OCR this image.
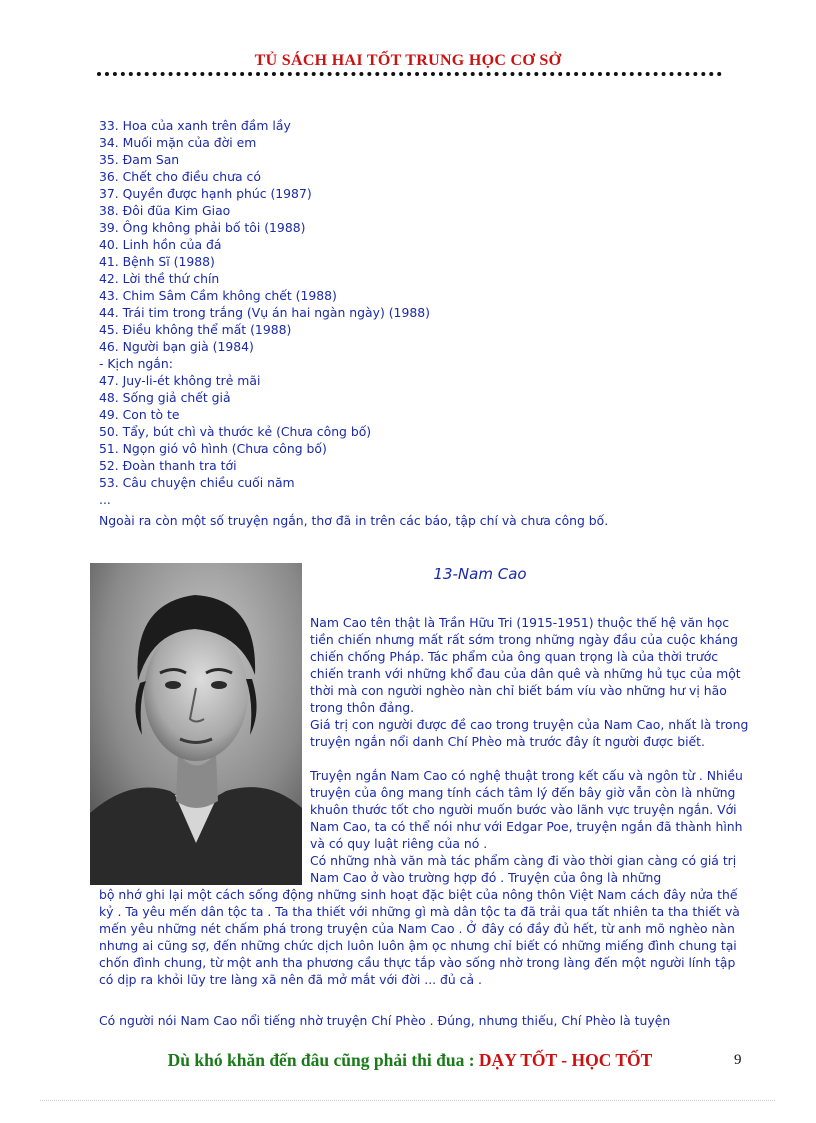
TỦ SÁCH HAI TỐT TRUNG HỌC CƠ SỞ
33. Hoa của xanh trên đầm lầy
34. Muối mặn của đời em
35. Đam San
36. Chết cho điều chưa có
37. Quyền được hạnh phúc (1987)
38. Đôi đũa Kim Giao
39. Ông không phải bố tôi (1988)
40. Linh hồn của đá
41. Bệnh Sĩ (1988)
42. Lời thề thứ chín
43. Chim Sâm Cầm không chết (1988)
44. Trái tim trong trắng (Vụ án hai ngàn ngày) (1988)
45. Điều không thể mất (1988)
46. Người bạn già (1984)
- Kịch ngắn:
47. Juy-li-ét không trẻ mãi
48. Sống giả chết giả
49. Con tò te
50. Tẩy, bút chì và thước kẻ (Chưa công bố)
51. Ngọn gió vô hình (Chưa công bố)
52. Đoàn thanh tra tới
53. Câu chuyện chiều cuối năm
...
Ngoài ra còn một số truyện ngắn, thơ đã in trên các báo, tập chí và chưa công bố.
13-Nam Cao

Nam Cao tên thật là Trần Hữu Tri (1915-1951) thuộc thế hệ văn học tiền chiến nhưng mất rất sớm trong những ngày đầu của cuộc kháng chiến chống Pháp. Tác phẩm của ông quan trọng là của thời trước chiến tranh với những khổ đau của dân quê và những hủ tục của một thời mà con người nghèo nàn chỉ biết bám víu vào những hư vị hão trong thôn đảng.

Giá trị con người được đề cao trong truyện của Nam Cao, nhất là trong truyện ngắn nổi danh Chí Phèo mà trước đây ít người được biết.

Truyện ngắn Nam Cao có nghệ thuật trong kết cấu và ngôn từ . Nhiều truyện của ông mang tính cách tâm lý đến bây giờ vẫn còn là những khuôn thước tốt cho người muốn bước vào lãnh vực truyện ngắn. Với Nam Cao, ta có thể nói như với Edgar Poe, truyện ngắn đã thành hình và có quy luật riêng của nó .

Có những nhà văn mà tác phẩm càng đi vào thời gian càng có giá trị Nam Cao ở vào trường hợp đó . Truyện của ông là những

bộ nhớ ghi lại một cách sống động những sinh hoạt đặc biệt của nông thôn Việt Nam cách đây nửa thế kỷ . Ta yêu mến dân tộc ta . Ta tha thiết với những gì mà dân tộc ta đã trải qua tất nhiên ta tha thiết và mến yêu những nét chấm phá trong truyện của Nam Cao . Ở đây có đầy đủ hết, từ anh mõ nghèo nàn nhưng ai cũng sợ, đến những chức dịch luôn luôn ậm ọc nhưng chỉ biết có những miếng đình chung tại chốn đình chung, từ một anh tha phương cầu thực tắp vào sống nhờ trong làng đến một người lính tập có dịp ra khỏi lũy tre làng xã nên đã mở mắt với đời ... đủ cả .

Có người nói Nam Cao nổi tiếng nhờ truyện Chí Phèo . Đúng, nhưng thiếu, Chí Phèo là tuyện

Dù khó khăn đến đâu cũng phải thi đua : DẠY TỐT - HỌC TỐT	9
